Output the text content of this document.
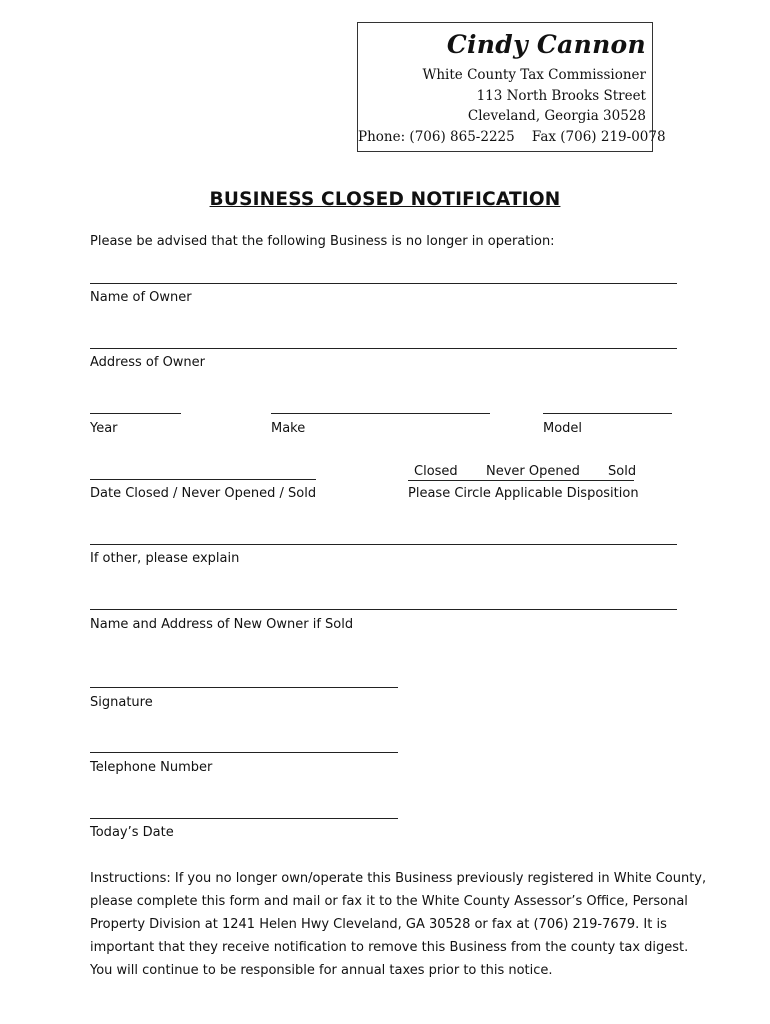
Cindy Cannon
White County Tax Commissioner
113 North Brooks Street
Cleveland, Georgia 30528
Phone: (706) 865-2225    Fax (706) 219-0078
BUSINESS CLOSED NOTIFICATION
Please be advised that the following Business is no longer in operation:
Name of Owner
Address of Owner
Year	Make	Model
Date Closed / Never Opened / Sold
Closed Never Opened Sold
Please Circle Applicable Disposition
If other, please explain
Name and Address of New Owner if Sold
Signature
Telephone Number
Today’s Date
Instructions: If you no longer own/operate this Business previously registered in White County,
please complete this form and mail or fax it to the White County Assessor’s Office, Personal
Property Division at 1241 Helen Hwy Cleveland, GA 30528 or fax at (706) 219-7679. It is
important that they receive notification to remove this Business from the county tax digest.
You will continue to be responsible for annual taxes prior to this notice.
